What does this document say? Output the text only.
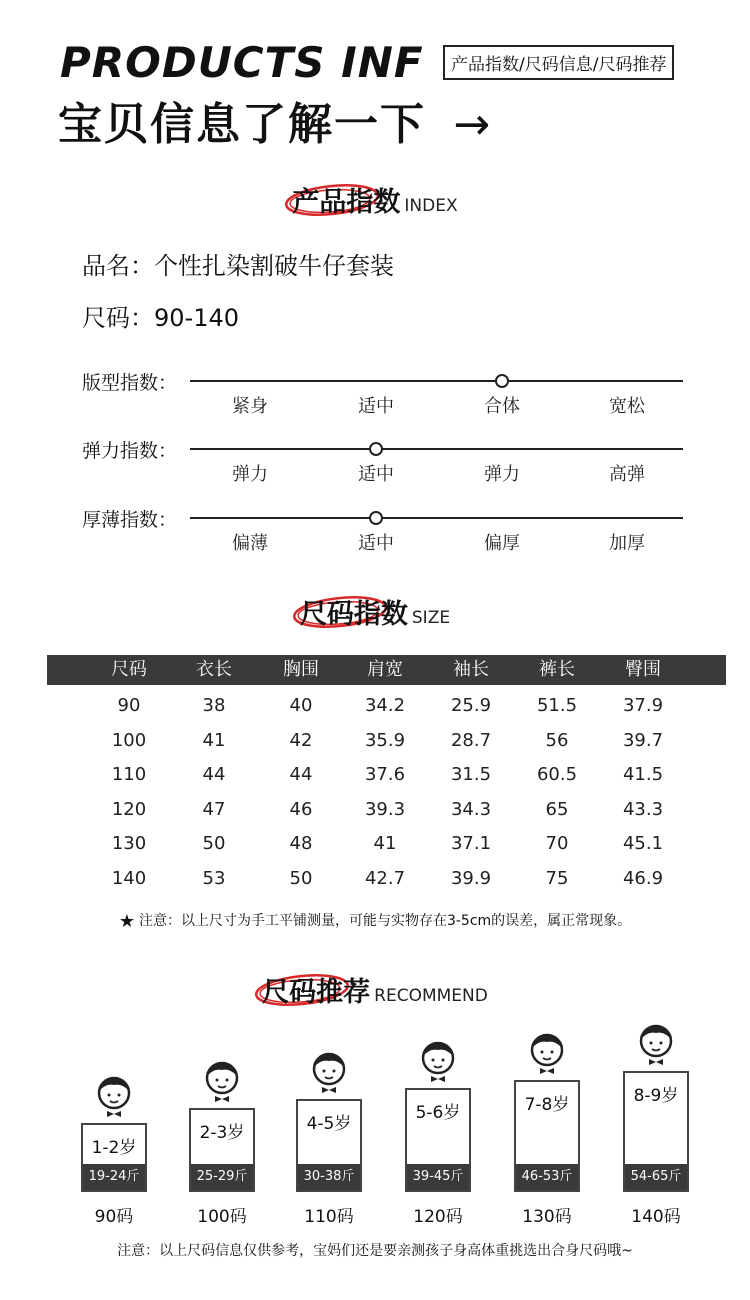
PRODUCTS INF
宝贝信息了解一下 →
产品指数/尺码信息/尺码推荐
产品指数 INDEX
品名：个性扎染割破牛仔套装
尺码：90-140
版型指数：
紧身	适中	合体	宽松
弹力指数：
弹力	适中	弹力	高弹
厚薄指数：
偏薄	适中	偏厚	加厚
尺码指数 SIZE
尺码	衣长	胸围	肩宽	袖长	裤长	臀围
90	38	40	34.2	25.9	51.5	37.9
100	41	42	35.9	28.7	56	39.7
110	44	44	37.6	31.5	60.5	41.5
120	47	46	39.3	34.3	65	43.3
130	50	48	41	37.1	70	45.1
140	53	50	42.7	39.9	75	46.9
★ 注意：以上尺寸为手工平铺测量，可能与实物存在3-5cm的误差，属正常现象。
尺码推荐 RECOMMEND
1-2岁
19-24斤
90码
2-3岁
25-29斤
100码
4-5岁
30-38斤
110码
5-6岁
39-45斤
120码
7-8岁
46-53斤
130码
8-9岁
54-65斤
140码
注意：以上尺码信息仅供参考，宝妈们还是要亲测孩子身高体重挑选出合身尺码哦~
